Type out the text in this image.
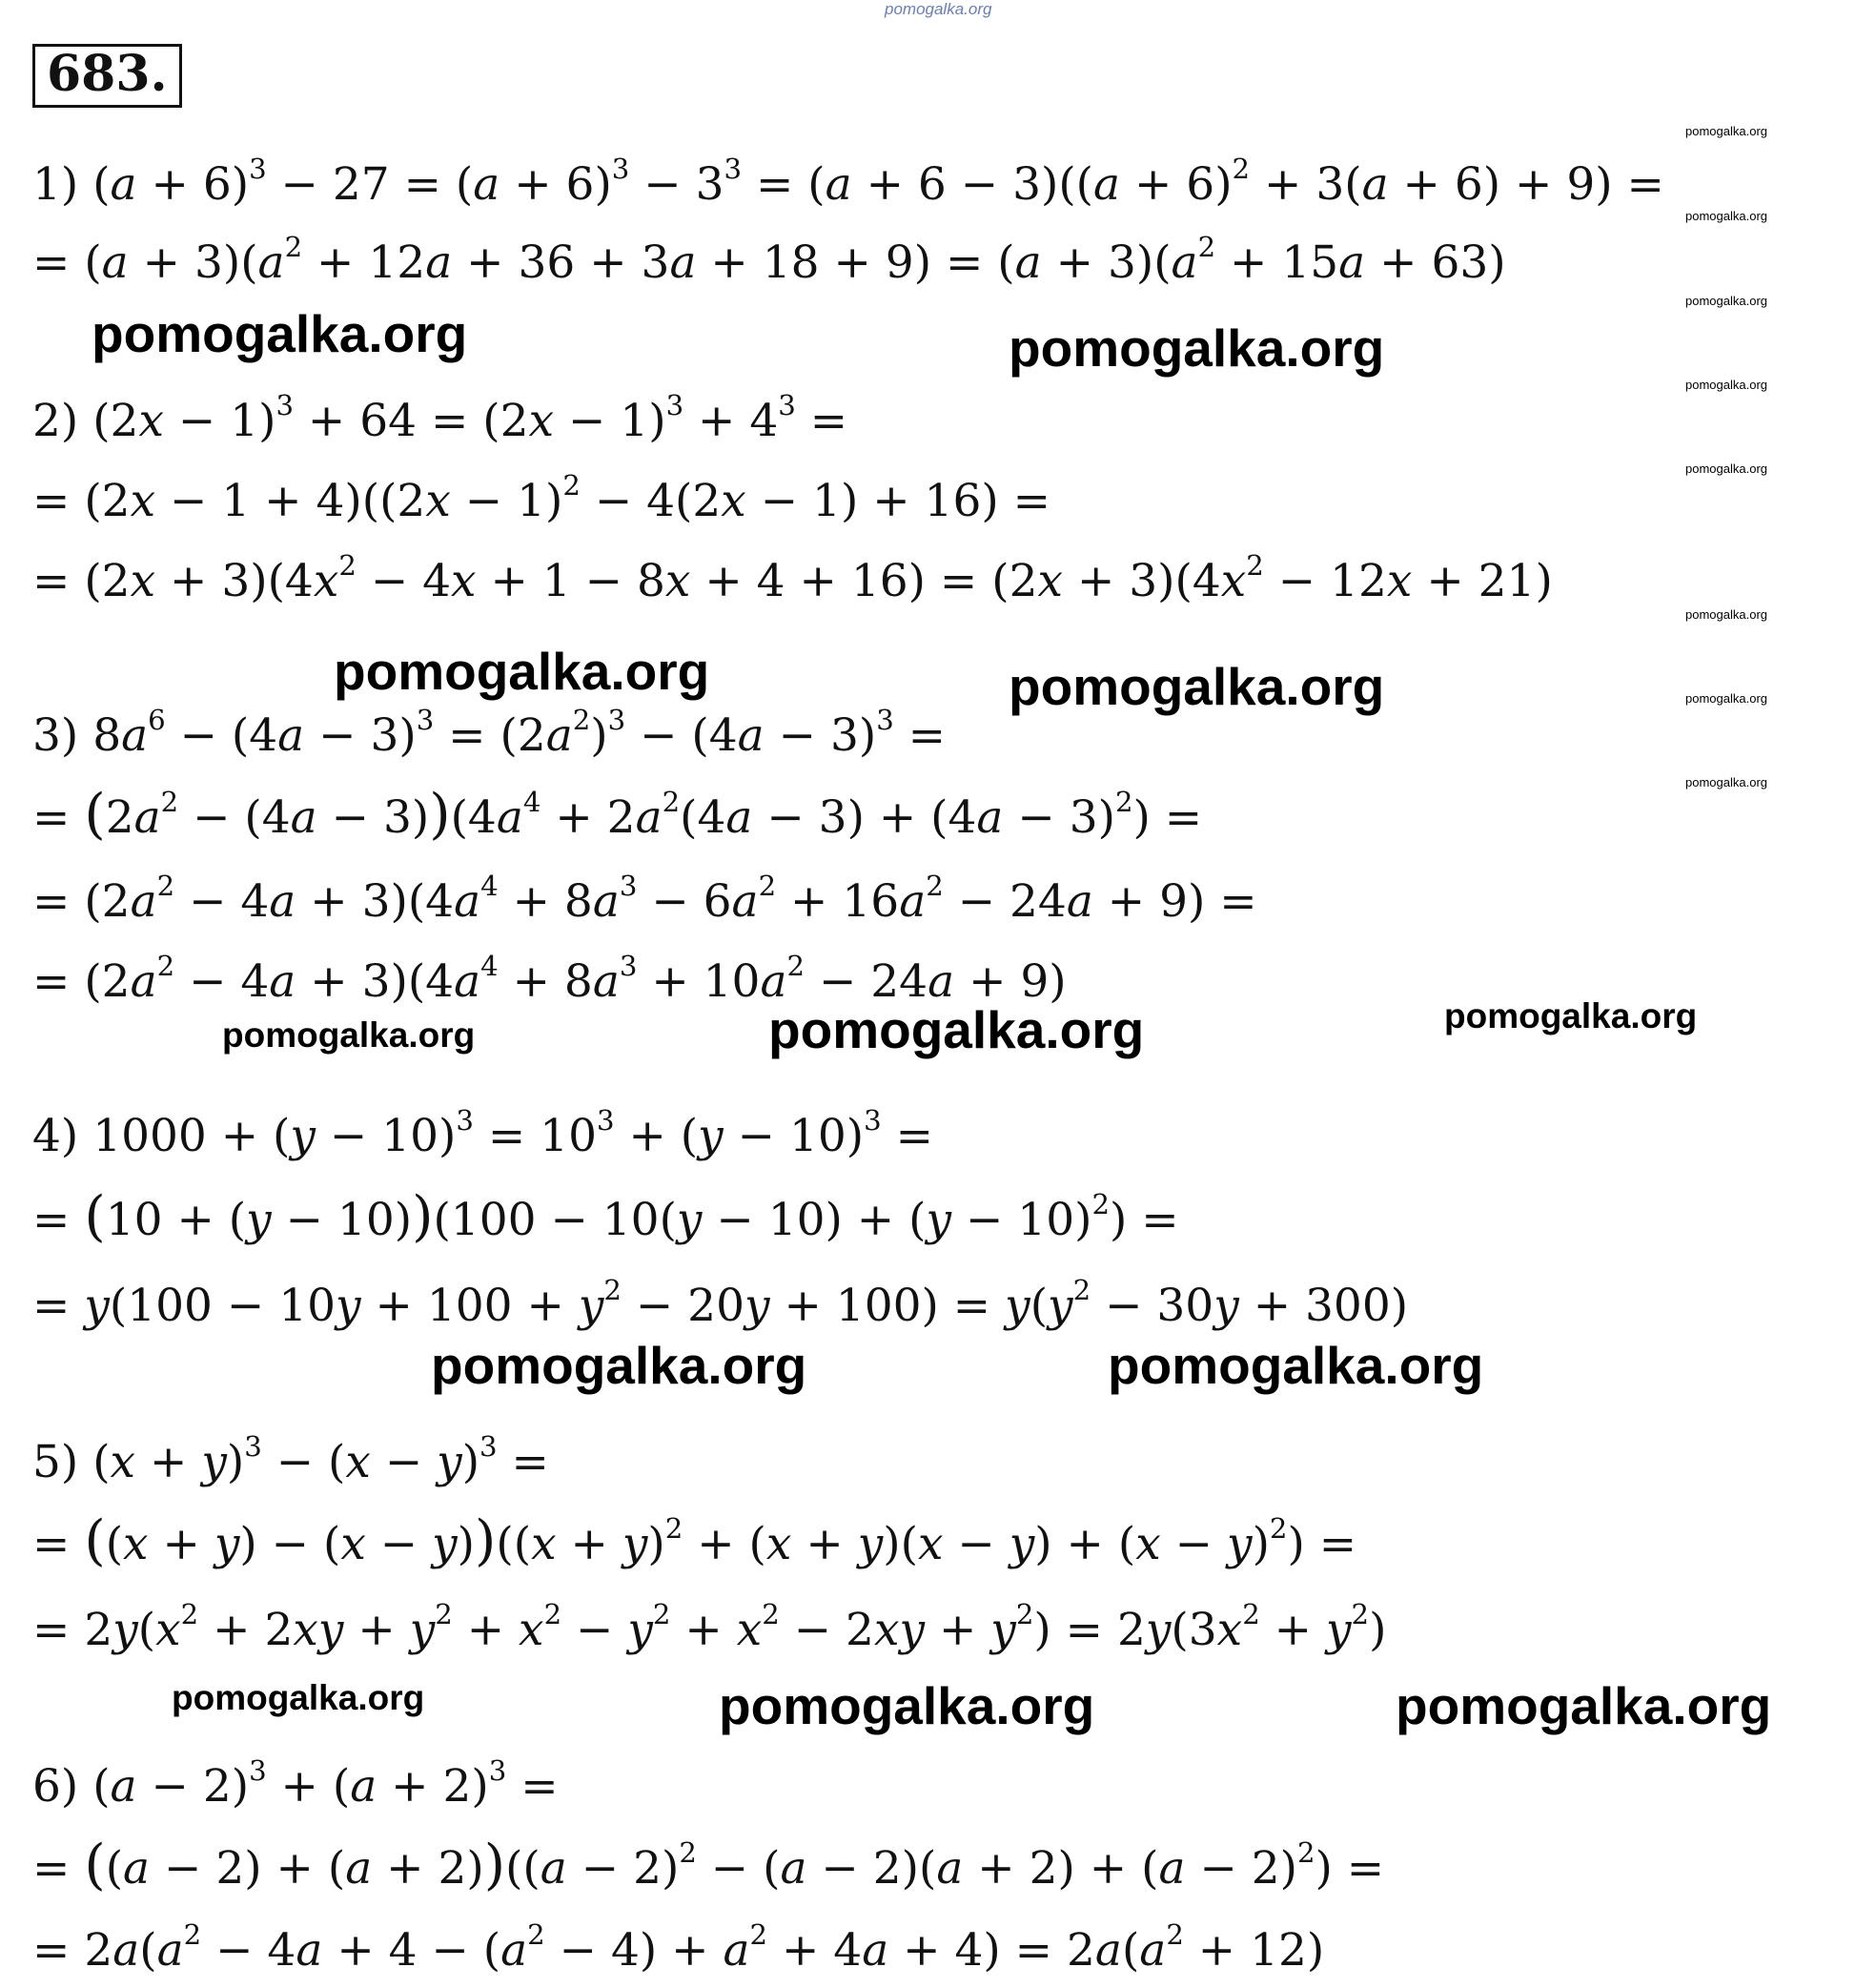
pomogalka.org
pomogalka.org
pomogalka.org
pomogalka.org
pomogalka.org
pomogalka.org
pomogalka.org
pomogalka.org
pomogalka.org
pomogalka.org	pomogalka.org
pomogalka.org	pomogalka.org
pomogalka.org	pomogalka.org	pomogalka.org
pomogalka.org	pomogalka.org
pomogalka.org	pomogalka.org	pomogalka.org
683.
1) $(a + 6)^3 - 27 = (a + 6)^3 - 3^3 = (a + 6 - 3)((a + 6)^2 + 3(a + 6) + 9)$ =
= $(a + 3)(a^2 + 12a + 36 + 3a + 18 + 9) = (a + 3)(a^2 + 15a + 63)$
2) $(2x - 1)^3 + 64 = (2x - 1)^3 + 4^3$ =
= $(2x - 1 + 4)((2x - 1)^2 - 4(2x - 1) + 16)$ =
= $(2x + 3)(4x^2 - 4x + 1 - 8x + 4 + 16) = (2x + 3)(4x^2 - 12x + 21)$
3) $8a^6 - (4a - 3)^3 = (2a^2)^3 - (4a - 3)^3$ =
= $(2a^2 - (4a - 3))(4a^4 + 2a^2(4a - 3) + (4a - 3)^2)$ =
= $(2a^2 - 4a + 3)(4a^4 + 8a^3 - 6a^2 + 16a^2 - 24a + 9)$ =
= $(2a^2 - 4a + 3)(4a^4 + 8a^3 + 10a^2 - 24a + 9)$
4) $1000 + (y - 10)^3 = 10^3 + (y - 10)^3$ =
= $(10 + (y - 10))(100 - 10(y - 10) + (y - 10)^2)$ =
= $y(100 - 10y + 100 + y^2 - 20y + 100) = y(y^2 - 30y + 300)$
5) $(x + y)^3 - (x - y)^3$ =
= $((x + y) - (x - y))((x + y)^2 + (x + y)(x - y) + (x - y)^2)$ =
= $2y(x^2 + 2xy + y^2 + x^2 - y^2 + x^2 - 2xy + y^2) = 2y(3x^2 + y^2)$
6) $(a - 2)^3 + (a + 2)^3$ =
= $((a - 2) + (a + 2))((a - 2)^2 - (a - 2)(a + 2) + (a - 2)^2)$ =
= $2a(a^2 - 4a + 4 - (a^2 - 4) + a^2 + 4a + 4) = 2a(a^2 + 12)$
